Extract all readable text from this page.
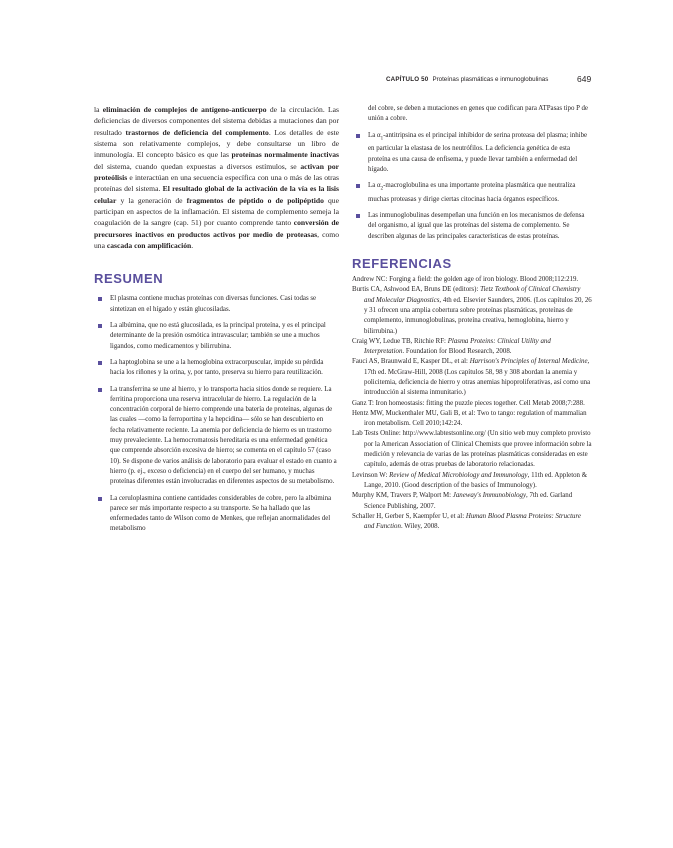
CAPÍTULO 50 Proteínas plasmáticas e inmunoglobulinas	649

la eliminación de complejos de antígeno-anticuerpo de la circulación. Las deficiencias de diversos componentes del sistema debidas a mutaciones dan por resultado trastornos de deficiencia del complemento. Los detalles de este sistema son relativamente complejos, y debe consultarse un libro de inmunología. El concepto básico es que las proteínas normalmente inactivas del sistema, cuando quedan expuestas a diversos estímulos, se activan por proteólisis e interactúan en una secuencia específica con una o más de las otras proteínas del sistema. El resultado global de la activación de la vía es la lisis celular y la generación de fragmentos de péptido o de polipéptido que participan en aspectos de la inflamación. El sistema de complemento semeja la coagulación de la sangre (cap. 51) por cuanto comprende tanto conversión de precursores inactivos en productos activos por medio de proteasas, como una cascada con amplificación.

RESUMEN
El plasma contiene muchas proteínas con diversas funciones. Casi todas se sintetizan en el hígado y están glucosiladas.
La albúmina, que no está glucosilada, es la principal proteína, y es el principal determinante de la presión osmótica intravascular; también se une a muchos ligandos, como medicamentos y bilirrubina.
La haptoglobina se une a la hemoglobina extracorpuscular, impide su pérdida hacia los riñones y la orina, y, por tanto, preserva su hierro para reutilización.
La transferrina se une al hierro, y lo transporta hacia sitios donde se requiere. La ferritina proporciona una reserva intracelular de hierro. La regulación de la concentración corporal de hierro comprende una batería de proteínas, algunas de las cuales —como la ferroportina y la hepcidina— sólo se han descubierto en fecha relativamente reciente. La anemia por deficiencia de hierro es un trastorno muy prevaleciente. La hemocromatosis hereditaria es una enfermedad genética que comprende absorción excesiva de hierro; se comenta en el capítulo 57 (caso 10). Se dispone de varios análisis de laboratorio para evaluar el estado en cuanto a hierro (p. ej., exceso o deficiencia) en el cuerpo del ser humano, y muchas proteínas diferentes están involucradas en diferentes aspectos de su metabolismo.
La ceruloplasmina contiene cantidades considerables de cobre, pero la albúmina parece ser más importante respecto a su transporte. Se ha hallado que las enfermedades tanto de Wilson como de Menkes, que reflejan anormalidades del metabolismo

del cobre, se deben a mutaciones en genes que codifican para ATPasas tipo P de unión a cobre.

La $\alpha_1$-antitripsina es el principal inhibidor de serina proteasa del plasma; inhibe en particular la elastasa de los neutrófilos. La deficiencia genética de esta proteína es una causa de enfisema, y puede llevar también a enfermedad del hígado.
La $\alpha_2$-macroglobulina es una importante proteína plasmática que neutraliza muchas proteasas y dirige ciertas citocinas hacia órganos específicos.
Las inmunoglobulinas desempeñan una función en los mecanismos de defensa del organismo, al igual que las proteínas del sistema de complemento. Se describen algunas de las principales características de estas proteínas.
REFERENCIAS
Andrew NC: Forging a field: the golden age of iron biology. Blood 2008;112:219.
Burtis CA, Ashwood EA, Bruns DE (editors): Tietz Textbook of Clinical Chemistry and Molecular Diagnostics, 4th ed. Elsevier Saunders, 2006. (Los capítulos 20, 26 y 31 ofrecen una amplia cobertura sobre proteínas plasmáticas, proteínas de complemento, inmunoglobulinas, proteína creativa, hemoglobina, hierro y bilirrubina.)
Craig WY, Ledue TB, Ritchie RF: Plasma Proteins: Clinical Utility and Interpretation. Foundation for Blood Research, 2008.
Fauci AS, Braunwald E, Kasper DL, et al: Harrison's Principles of Internal Medicine, 17th ed. McGraw-Hill, 2008 (Los capítulos 58, 98 y 308 abordan la anemia y policitemia, deficiencia de hierro y otras anemias hipoproliferativas, así como una introducción al sistema inmunitario.)
Ganz T: Iron homeostasis: fitting the puzzle pieces together. Cell Metab 2008;7:288.
Hentz MW, Muckenthaler MU, Gali B, et al: Two to tango: regulation of mammalian iron metabolism. Cell 2010;142:24.
Lab Tests Online: http://www.labtestsonline.org/ (Un sitio web muy completo provisto por la American Association of Clinical Chemists que provee información sobre la medición y relevancia de varias de las proteínas plasmáticas consideradas en este capítulo, además de otras pruebas de laboratorio relacionadas.
Levinson W: Review of Medical Microbiology and Immunology, 11th ed. Appleton & Lange, 2010. (Good description of the basics of Immunology).
Murphy KM, Travers P, Walport M: Janeway's Immunobiology, 7th ed. Garland Science Publishing, 2007.
Schaller H, Gerber S, Kaempfer U, et al: Human Blood Plasma Proteins: Structure and Function. Wiley, 2008.
